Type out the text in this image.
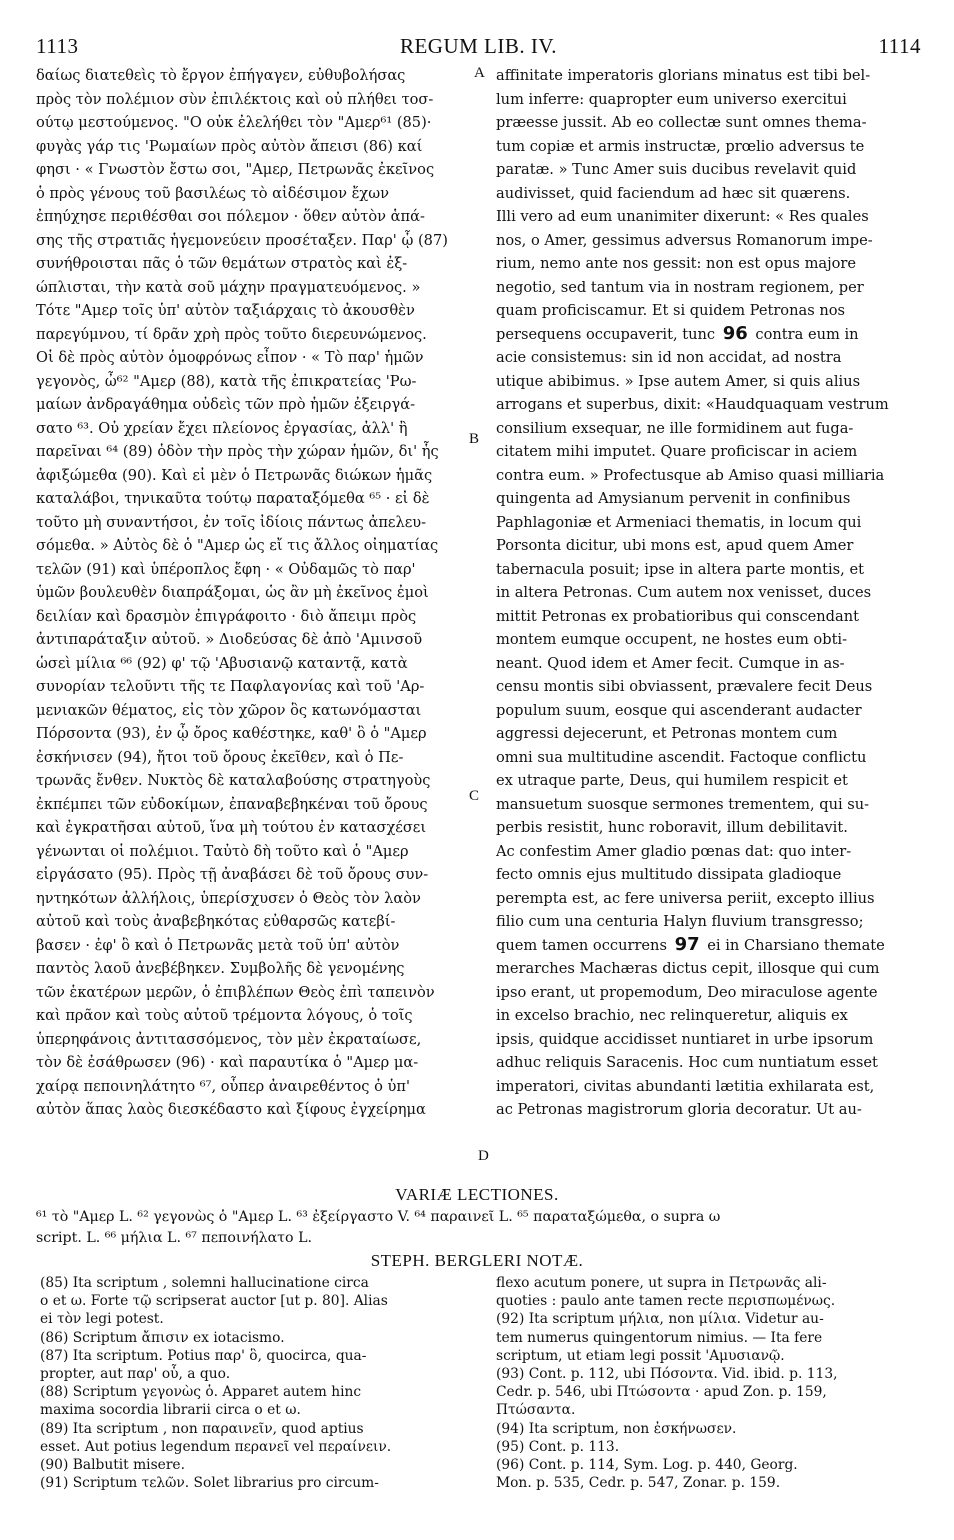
1113	REGUM LIB. IV.	1114
δαίως διατεθεὶς τὸ ἔργον ἐπήγαγεν, εὐθυβολήσας
πρὸς τὸν πολέμιον σὺν ἐπιλέκτοις καὶ οὐ πλήθει τοσ-
ούτῳ μεστούμενος. "Ο οὐκ ἐλελήθει τὸν "Αμερ⁶¹ (85)·
φυγὰς γάρ τις 'Ρωμαίων πρὸς αὐτὸν ἄπεισι (86) καί
φησι · « Γνωστὸν ἔστω σοι, "Αμερ, Πετρωνᾶς ἐκεῖνος
ὁ πρὸς γένους τοῦ βασιλέως τὸ αἰδέσιμον ἔχων
ἐπηύχησε περιθέσθαι σοι πόλεμον · ὅθεν αὐτὸν ἁπά-
σης τῆς στρατιᾶς ἡγεμονεύειν προσέταξεν. Παρ' ᾧ (87)
συνήθροισται πᾶς ὁ τῶν θεμάτων στρατὸς καὶ ἐξ-
ώπλισται, τὴν κατὰ σοῦ μάχην πραγματευόμενος. »
Τότε "Αμερ τοῖς ὑπ' αὐτὸν ταξιάρχαις τὸ ἀκουσθὲν
παρεγύμνου, τί δρᾶν χρὴ πρὸς τοῦτο διερευνώμενος.
Οἱ δὲ πρὸς αὐτὸν ὁμοφρόνως εἶπον · « Τὸ παρ' ἡμῶν
γεγονὸς, ὦ⁶² "Αμερ (88), κατὰ τῆς ἐπικρατείας 'Ρω-
μαίων ἀνδραγάθημα οὐδεὶς τῶν πρὸ ἡμῶν ἐξειργά-
σατο ⁶³. Οὐ χρείαν ἔχει πλείονος ἐργασίας, ἀλλ' ἢ
παρεῖναι ⁶⁴ (89) ὁδὸν τὴν πρὸς τὴν χώραν ἡμῶν, δι' ἧς
ἀφιξώμεθα (90). Καὶ εἰ μὲν ὁ Πετρωνᾶς διώκων ἡμᾶς
καταλάβοι, τηνικαῦτα τούτῳ παραταξόμεθα ⁶⁵ · εἰ δὲ
τοῦτο μὴ συναντήσοι, ἐν τοῖς ἰδίοις πάντως ἀπελευ-
σόμεθα. » Αὐτὸς δὲ ὁ "Αμερ ὡς εἴ τις ἄλλος οἰηματίας
τελῶν (91) καὶ ὑπέροπλος ἔφη · « Οὐδαμῶς τὸ παρ'
ὑμῶν βουλευθὲν διαπράξομαι, ὡς ἂν μὴ ἐκεῖνος ἐμοὶ
δειλίαν καὶ δρασμὸν ἐπιγράφοιτο · διὸ ἄπειμι πρὸς
ἀντιπαράταξιν αὐτοῦ. » Διοδεύσας δὲ ἀπὸ 'Αμινσοῦ
ὡσεὶ μίλια ⁶⁶ (92) φ' τῷ 'Αβυσιανῷ καταντᾷ, κατὰ
συνορίαν τελοῦντι τῆς τε Παφλαγονίας καὶ τοῦ 'Αρ-
μενιακῶν θέματος, εἰς τὸν χῶρον ὃς κατωνόμασται
Πόρσοντα (93), ἐν ᾧ ὄρος καθέστηκε, καθ' ὃ ὁ "Αμερ
ἐσκήνισεν (94), ἤτοι τοῦ ὄρους ἐκεῖθεν, καὶ ὁ Πε-
τρωνᾶς ἔνθεν. Νυκτὸς δὲ καταλαβούσης στρατηγοὺς
ἐκπέμπει τῶν εὐδοκίμων, ἐπαναβεβηκέναι τοῦ ὄρους
καὶ ἐγκρατῆσαι αὐτοῦ, ἵνα μὴ τούτου ἐν κατασχέσει
γένωνται οἱ πολέμιοι. Ταὐτὸ δὴ τοῦτο καὶ ὁ "Αμερ
εἰργάσατο (95). Πρὸς τῇ ἀναβάσει δὲ τοῦ ὄρους συν-
ηντηκότων ἀλλήλοις, ὑπερίσχυσεν ὁ Θεὸς τὸν λαὸν
αὐτοῦ καὶ τοὺς ἀναβεβηκότας εὐθαρσῶς κατεβί-
βασεν · ἐφ' ὃ καὶ ὁ Πετρωνᾶς μετὰ τοῦ ὑπ' αὐτὸν
παντὸς λαοῦ ἀνεβέβηκεν. Συμβολῆς δὲ γενομένης
τῶν ἑκατέρων μερῶν, ὁ ἐπιβλέπων Θεὸς ἐπὶ ταπεινὸν
καὶ πρᾶον καὶ τοὺς αὐτοῦ τρέμοντα λόγους, ὁ τοῖς
ὑπερηφάνοις ἀντιτασσόμενος, τὸν μὲν ἐκραταίωσε,
τὸν δὲ ἐσάθρωσεν (96) · καὶ παραυτίκα ὁ "Αμερ μα-
χαίρᾳ πεποινηλάτητο ⁶⁷, οὗπερ ἀναιρεθέντος ὁ ὑπ'
αὐτὸν ἅπας λαὸς διεσκέδαστο καὶ ξίφους ἐγχείρημα
A
B
C
D
affinitate imperatoris glorians minatus est tibi bel-
lum inferre: quapropter eum universo exercitui
præesse jussit. Ab eo collectæ sunt omnes thema-
tum copiæ et armis instructæ, prœlio adversus te
paratæ. » Tunc Amer suis ducibus revelavit quid
audivisset, quid faciendum ad hæc sit quærens.
Illi vero ad eum unanimiter dixerunt: « Res quales
nos, o Amer, gessimus adversus Romanorum impe-
rium, nemo ante nos gessit: non est opus majore
negotio, sed tantum via in nostram regionem, per
quam proficiscamur. Et si quidem Petronas nos
persequens occupaverit, tunc 96 contra eum in
acie consistemus: sin id non accidat, ad nostra
utique abibimus. » Ipse autem Amer, si quis alius
arrogans et superbus, dixit: «Haudquaquam vestrum
consilium exsequar, ne ille formidinem aut fuga-
citatem mihi imputet. Quare proficiscar in aciem
contra eum. » Profectusque ab Amiso quasi milliaria
quingenta ad Amysianum pervenit in confinibus
Paphlagoniæ et Armeniaci thematis, in locum qui
Porsonta dicitur, ubi mons est, apud quem Amer
tabernacula posuit; ipse in altera parte montis, et
in altera Petronas. Cum autem nox venisset, duces
mittit Petronas ex probatioribus qui conscendant
montem eumque occupent, ne hostes eum obti-
neant. Quod idem et Amer fecit. Cumque in as-
censu montis sibi obviassent, prævalere fecit Deus
populum suum, eosque qui ascenderant audacter
aggressi dejecerunt, et Petronas montem cum
omni sua multitudine ascendit. Factoque conflictu
ex utraque parte, Deus, qui humilem respicit et
mansuetum suosque sermones trementem, qui su-
perbis resistit, hunc roboravit, illum debilitavit.
Ac confestim Amer gladio pœnas dat: quo inter-
fecto omnis ejus multitudo dissipata gladioque
perempta est, ac fere universa periit, excepto illius
filio cum una centuria Halyn fluvium transgresso;
quem tamen occurrens 97 ei in Charsiano themate
merarches Machæras dictus cepit, illosque qui cum
ipso erant, ut propemodum, Deo miraculose agente
in excelso brachio, nec relinqueretur, aliquis ex
ipsis, quidque accidisset nuntiaret in urbe ipsorum
adhuc reliquis Saracenis. Hoc cum nuntiatum esset
imperatori, civitas abundanti lætitia exhilarata est,
ac Petronas magistrorum gloria decoratur. Ut au-
VARIÆ LECTIONES.
⁶¹ τὸ "Αμερ L. ⁶² γεγονὼς ὁ "Αμερ L. ⁶³ ἐξείργαστο V. ⁶⁴ παραινεῖ L. ⁶⁵ παραταξώμεθα, o supra ω
script. L. ⁶⁶ μήλια L. ⁶⁷ πεποινήλατο L.
STEPH. BERGLERI NOTÆ.
(85) Ita scriptum , solemni hallucinatione circa
o et ω. Forte τῷ scripserat auctor [ut p. 80]. Alias
ei τὸν legi potest.
(86) Scriptum ἄπισιν ex iotacismo.
(87) Ita scriptum. Potius παρ' ὃ, quocirca, qua-
propter, aut παρ' οὗ, a quo.
(88) Scriptum γεγονὼς ὁ. Apparet autem hinc
maxima socordia librarii circa o et ω.
(89) Ita scriptum , non παραινεῖν, quod aptius
esset. Aut potius legendum περανεῖ vel περαίνειν.
(90) Balbutit misere.
(91) Scriptum τελῶν. Solet librarius pro circum-
flexo acutum ponere, ut supra in Πετρωνᾶς ali-
quoties : paulo ante tamen recte περισπωμένως.
(92) Ita scriptum μήλια, non μίλια. Videtur au-
tem numerus quingentorum nimius. — Ita fere
scriptum, ut etiam legi possit 'Αμυσιανῷ.
(93) Cont. p. 112, ubi Πόσοντα. Vid. ibid. p. 113,
Cedr. p. 546, ubi Πτώσοντα · apud Zon. p. 159,
Πτώσαντα.
(94) Ita scriptum, non ἐσκήνωσεν.
(95) Cont. p. 113.
(96) Cont. p. 114, Sym. Log. p. 440, Georg.
Mon. p. 535, Cedr. p. 547, Zonar. p. 159.
